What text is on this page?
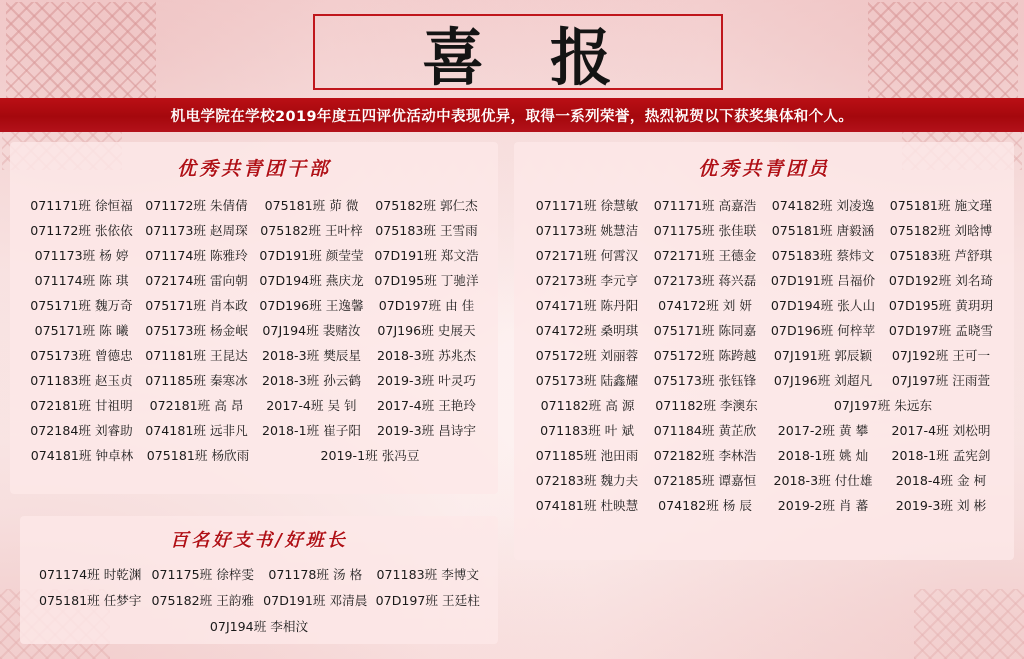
喜 报
机电学院在学校2019年度五四评优活动中表现优异，取得一系列荣誉，热烈祝贺以下获奖集体和个人。
优秀共青团干部
071171班 徐恒福 071172班 朱倩倩	075181班 茆 微	075182班 郭仁杰
071172班 张依依 071173班 赵周琛 075182班 王叶梓 075183班 王雪雨
071173班 杨 婷	071174班 陈雅玲 07D191班 颜莹莹 07D191班 郑文浩
071174班 陈 琪	072174班 雷向朝 07D194班 燕庆龙 07D195班 丁驰洋
075171班 魏万奇 075171班 肖本政 07D196班 王逸馨	07D197班 由 佳
075171班 陈 曦	075173班 杨金岷	07J194班 裴赌汝	07J196班 史展天
075173班 曾德忠 071181班 王昆达	2018-3班 樊辰星	2018-3班 苏兆杰
071183班 赵玉贞 071185班 秦寒冰	2018-3班 孙云鹤	2019-3班 叶灵巧
072181班 甘祖明	072181班 高 昂	2017-4班 吴 钊	2017-4班 王艳玲
072184班 刘睿助 074181班 远非凡	2018-1班 崔子阳	2019-3班 昌诗宇
074181班 钟卓林	075181班 杨欣雨	2019-1班 张冯豆
百名好支书/好班长
071174班 时乾渊 071175班 徐梓雯	071178班 汤 格	071183班 李博文
075181班 任梦宇 075182班 王韵雅 07D191班 邓清晨 07D197班 王廷柱
07J194班 李相汶
优秀共青团员
071171班 徐慧敏	071171班 高嘉浩	074182班 刘凌逸	075181班 施文瑾
071173班 姚慧洁	071175班 张佳联	075181班 唐毅涵	075182班 刘晗博
072171班 何霄汉	072171班 王德金	075183班 蔡炜文	075183班 芦舒琪
072173班 李元亨	072173班 蒋兴磊	07D191班 吕福价	07D192班 刘名琦
074171班 陈丹阳	074172班 刘 妍	07D194班 张人山	07D195班 黄玥玥
074172班 桑明琪	075171班 陈同嘉	07D196班 何梓苹	07D197班 孟晓雪
075172班 刘丽蓉	075172班 陈跨越	07J191班 郭辰颖	07J192班 王可一
075173班 陆鑫耀	075173班 张钰锋	07J196班 刘超凡	07J197班 汪雨萱
071182班 高 源	071182班 李澳东	07J197班 朱远东
071183班 叶 斌	071184班 黄芷欣	2017-2班 黄 攀	2017-4班 刘松明
071185班 池田雨	072182班 李林浩	2018-1班 姚 灿	2018-1班 孟宪剑
072183班 魏力夫	072185班 谭嘉恒	2018-3班 付仕雄	2018-4班 金 柯
074181班 杜映慧	074182班 杨 辰	2019-2班 肖 蕃	2019-3班 刘 彬
